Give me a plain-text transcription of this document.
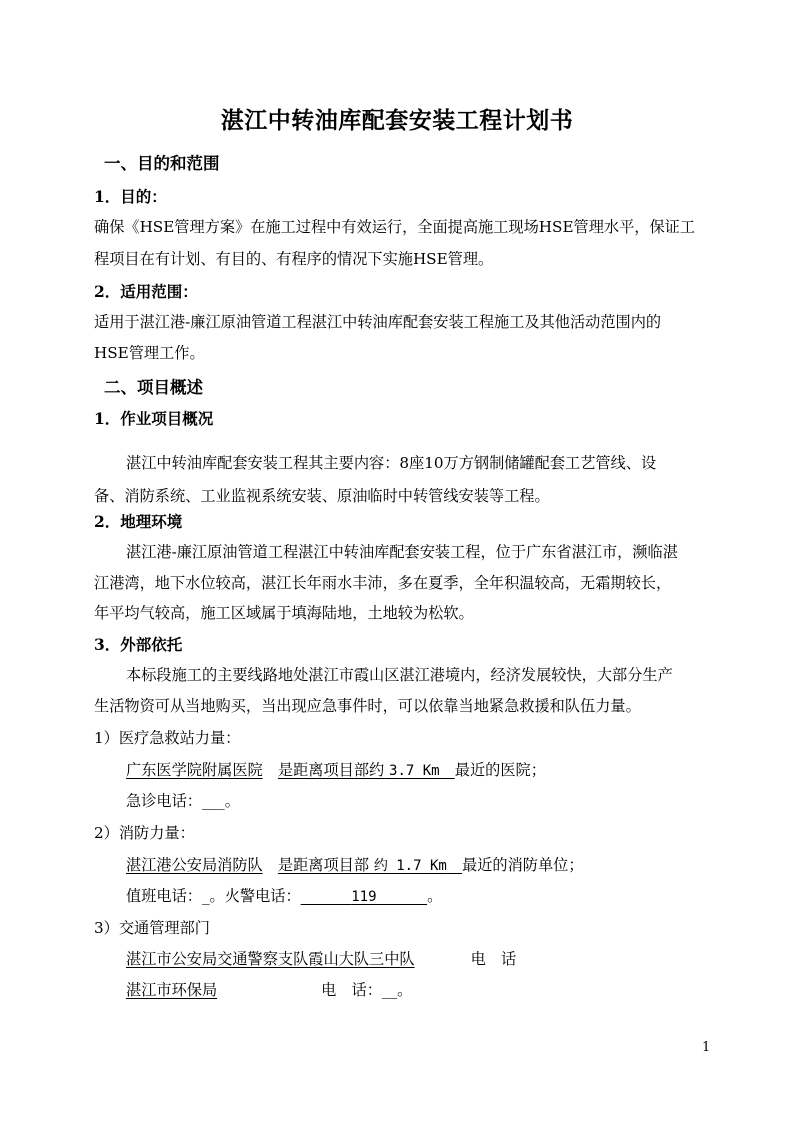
湛江中转油库配套安装工程计划书
一、目的和范围
1．目的：
确保《HSE管理方案》在施工过程中有效运行，全面提高施工现场HSE管理水平，保证工
程项目在有计划、有目的、有程序的情况下实施HSE管理。
2．适用范围：
适用于湛江港-廉江原油管道工程湛江中转油库配套安装工程施工及其他活动范围内的
HSE管理工作。
二、项目概述
1．作业项目概况
湛江中转油库配套安装工程其主要内容：8座10万方钢制储罐配套工艺管线、设
备、消防系统、工业监视系统安装、原油临时中转管线安装等工程。
2．地理环境
湛江港-廉江原油管道工程湛江中转油库配套安装工程，位于广东省湛江市，濒临湛
江港湾，地下水位较高，湛江长年雨水丰沛，多在夏季，全年积温较高，无霜期较长，
年平均气较高，施工区域属于填海陆地，土地较为松软。
3．外部依托
本标段施工的主要线路地处湛江市霞山区湛江港境内，经济发展较快，大部分生产
生活物资可从当地购买，当出现应急事件时，可以依靠当地紧急救援和队伍力量。
1）医疗急救站力量：
广东医学院附属医院　 是距离项目部约 3.7 Km　 最近的医院；
急诊电话：___。
2）消防力量：
湛江港公安局消防队　 是距离项目部 约 1.7 Km　 最近的消防单位；
值班电话：_。火警电话：	119	。
3）交通管理部门
湛江市公安局交通警察支队霞山大队三中队	电　话
湛江市环保局	电　话：__。
1
